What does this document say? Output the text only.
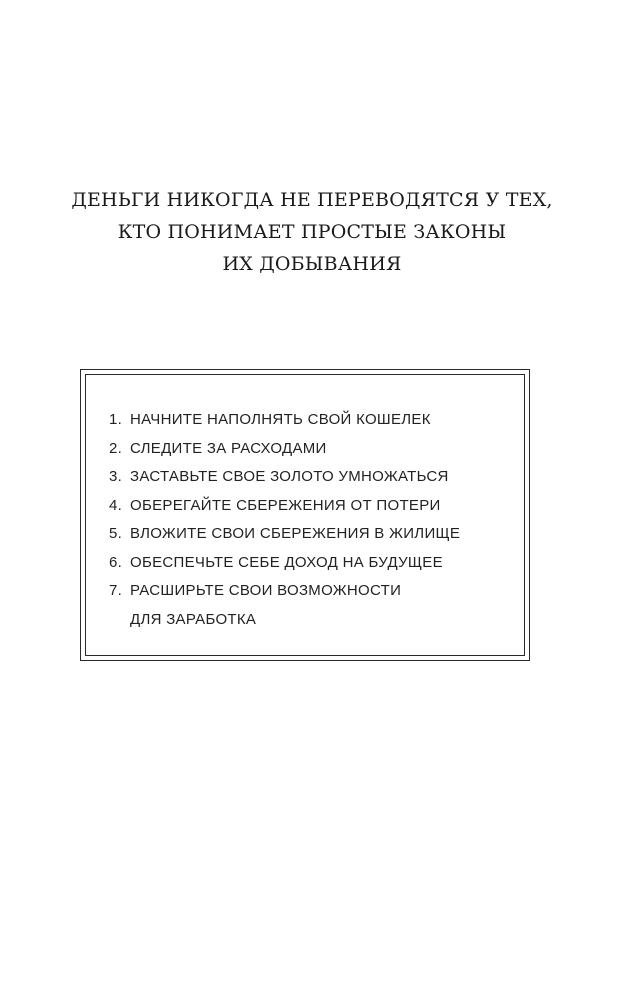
ДЕНЬГИ НИКОГДА НЕ ПЕРЕВОДЯТСЯ У ТЕХ,
КТО ПОНИМАЕТ ПРОСТЫЕ ЗАКОНЫ
ИХ ДОБЫВАНИЯ
1. НАЧНИТЕ НАПОЛНЯТЬ СВОЙ КОШЕЛЕК
2. СЛЕДИТЕ ЗА РАСХОДАМИ
3. ЗАСТАВЬТЕ СВОЕ ЗОЛОТО УМНОЖАТЬСЯ
4. ОБЕРЕГАЙТЕ СБЕРЕЖЕНИЯ ОТ ПОТЕРИ
5. ВЛОЖИТЕ СВОИ СБЕРЕЖЕНИЯ В ЖИЛИЩЕ
6. ОБЕСПЕЧЬТЕ СЕБЕ ДОХОД НА БУДУЩЕЕ
7. РАСШИРЬТЕ СВОИ ВОЗМОЖНОСТИ
ДЛЯ ЗАРАБОТКА
